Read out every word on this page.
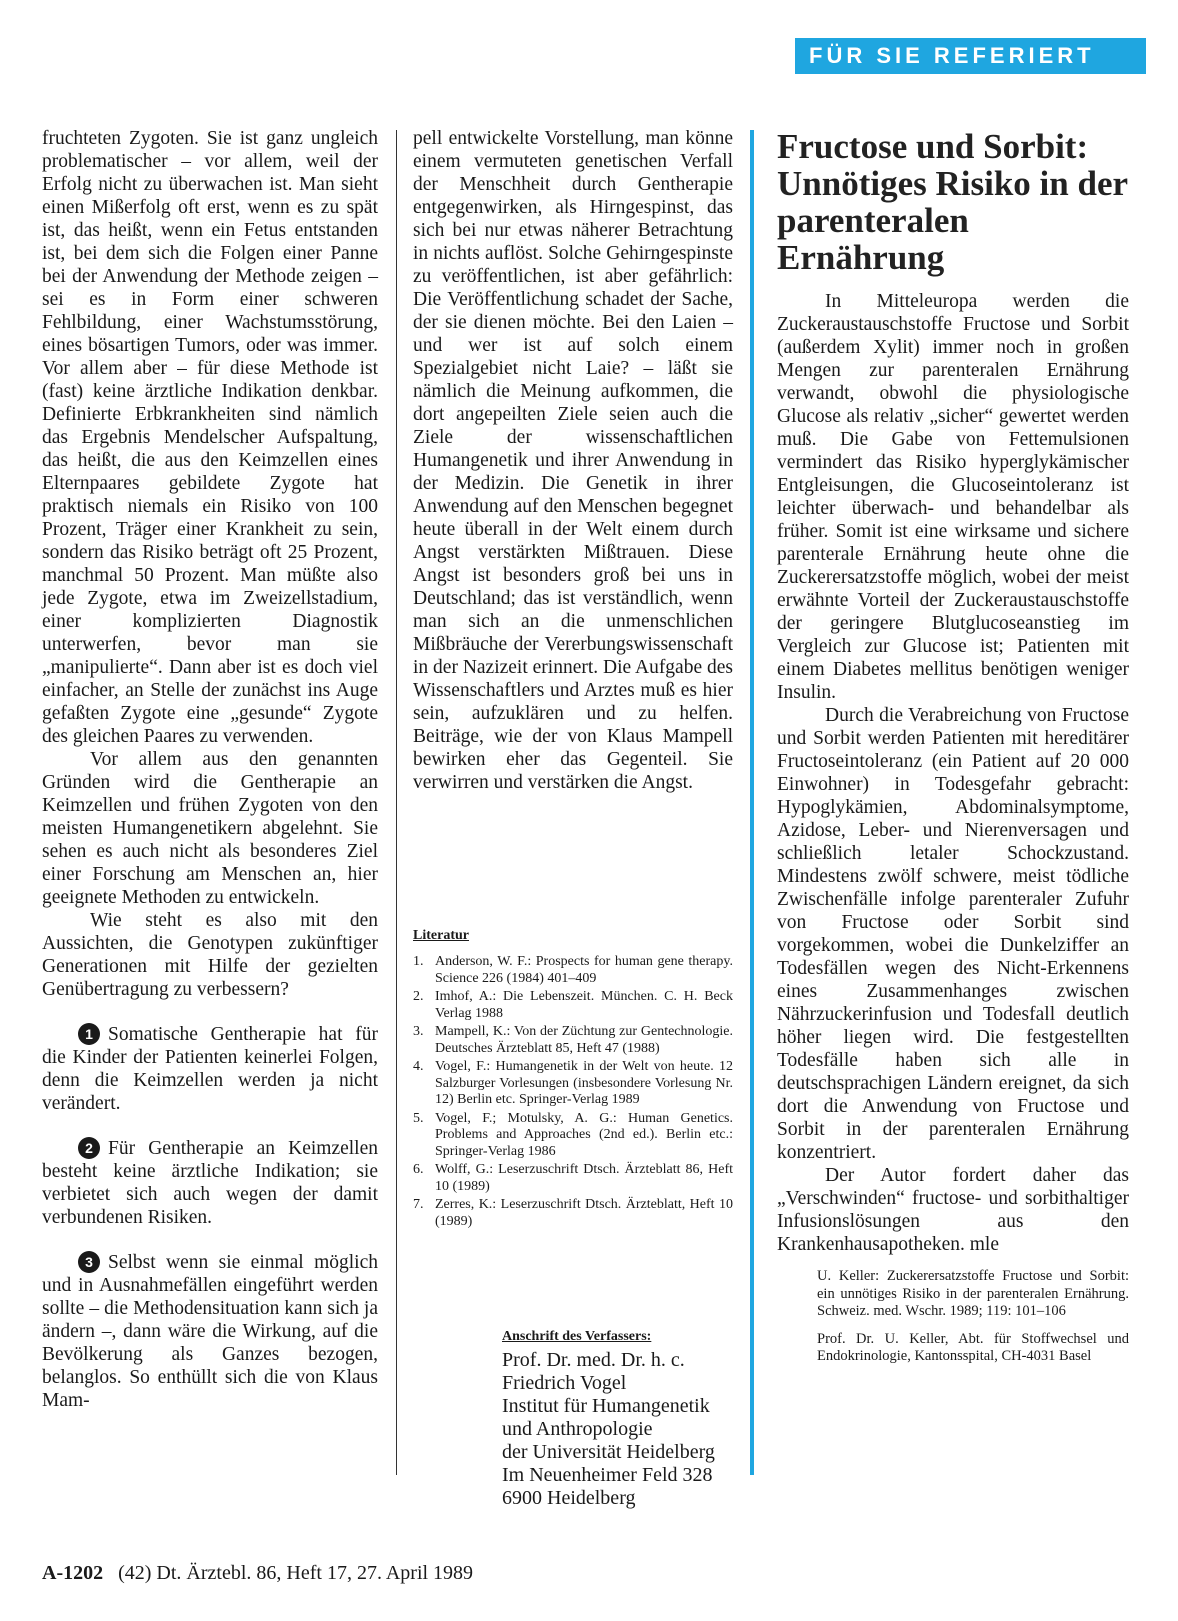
FÜR SIE REFERIERT

fruchteten Zygoten. Sie ist ganz ungleich problematischer – vor allem, weil der Erfolg nicht zu überwachen ist. Man sieht einen Mißerfolg oft erst, wenn es zu spät ist, das heißt, wenn ein Fetus entstanden ist, bei dem sich die Folgen einer Panne bei der Anwendung der Methode zeigen – sei es in Form einer schweren Fehlbildung, einer Wachstumsstörung, eines bösartigen Tumors, oder was immer. Vor allem aber – für diese Methode ist (fast) keine ärztliche Indikation denkbar. Definierte Erbkrankheiten sind nämlich das Ergebnis Mendelscher Aufspaltung, das heißt, die aus den Keimzellen eines Elternpaares gebildete Zygote hat praktisch niemals ein Risiko von 100 Prozent, Träger einer Krankheit zu sein, sondern das Risiko beträgt oft 25 Prozent, manchmal 50 Prozent. Man müßte also jede Zygote, etwa im Zweizellstadium, einer komplizierten Diagnostik unterwerfen, bevor man sie „manipulierte“. Dann aber ist es doch viel einfacher, an Stelle der zunächst ins Auge gefaßten Zygote eine „gesunde“ Zygote des gleichen Paares zu verwenden.

Vor allem aus den genannten Gründen wird die Gentherapie an Keimzellen und frühen Zygoten von den meisten Humangenetikern abgelehnt. Sie sehen es auch nicht als besonderes Ziel einer Forschung am Menschen an, hier geeignete Methoden zu entwickeln.

Wie steht es also mit den Aussichten, die Genotypen zukünftiger Generationen mit Hilfe der gezielten Genübertragung zu verbessern?

1 Somatische Gentherapie hat für die Kinder der Patienten keinerlei Folgen, denn die Keimzellen werden ja nicht verändert.

2 Für Gentherapie an Keimzellen besteht keine ärztliche Indikation; sie verbietet sich auch wegen der damit verbundenen Risiken.

3 Selbst wenn sie einmal möglich und in Ausnahmefällen eingeführt werden sollte – die Methodensituation kann sich ja ändern –, dann wäre die Wirkung, auf die Bevölkerung als Ganzes bezogen, belanglos. So enthüllt sich die von Klaus Mam-

pell entwickelte Vorstellung, man könne einem vermuteten genetischen Verfall der Menschheit durch Gentherapie entgegenwirken, als Hirngespinst, das sich bei nur etwas näherer Betrachtung in nichts auflöst. Solche Gehirngespinste zu veröffentlichen, ist aber gefährlich: Die Veröffentlichung schadet der Sache, der sie dienen möchte. Bei den Laien – und wer ist auf solch einem Spezialgebiet nicht Laie? – läßt sie nämlich die Meinung aufkommen, die dort angepeilten Ziele seien auch die Ziele der wissenschaftlichen Humangenetik und ihrer Anwendung in der Medizin. Die Genetik in ihrer Anwendung auf den Menschen begegnet heute überall in der Welt einem durch Angst verstärkten Mißtrauen. Diese Angst ist besonders groß bei uns in Deutschland; das ist verständlich, wenn man sich an die unmenschlichen Mißbräuche der Vererbungswissenschaft in der Nazizeit erinnert. Die Aufgabe des Wissenschaftlers und Arztes muß es hier sein, aufzuklären und zu helfen. Beiträge, wie der von Klaus Mampell bewirken eher das Gegenteil. Sie verwirren und verstärken die Angst.

Literatur

1. Anderson, W. F.: Prospects for human gene therapy. Science 226 (1984) 401–409
2. Imhof, A.: Die Lebenszeit. München. C. H. Beck Verlag 1988
3. Mampell, K.: Von der Züchtung zur Gentechnologie. Deutsches Ärzteblatt 85, Heft 47 (1988)
4. Vogel, F.: Humangenetik in der Welt von heute. 12 Salzburger Vorlesungen (insbesondere Vorlesung Nr. 12) Berlin etc. Springer-Verlag 1989
5. Vogel, F.; Motulsky, A. G.: Human Genetics. Problems and Approaches (2nd ed.). Berlin etc.: Springer-Verlag 1986
6. Wolff, G.: Leserzuschrift Dtsch. Ärzteblatt 86, Heft 10 (1989)
7. Zerres, K.: Leserzuschrift Dtsch. Ärzteblatt, Heft 10 (1989)

Anschrift des Verfassers:

Prof. Dr. med. Dr. h. c.

Friedrich Vogel

Institut für Humangenetik

und Anthropologie

der Universität Heidelberg

Im Neuenheimer Feld 328

6900 Heidelberg

Fructose und Sorbit: Unnötiges Risiko in der parenteralen Ernährung

In Mitteleuropa werden die Zuckeraustauschstoffe Fructose und Sorbit (außerdem Xylit) immer noch in großen Mengen zur parenteralen Ernährung verwandt, obwohl die physiologische Glucose als relativ „sicher“ gewertet werden muß. Die Gabe von Fettemulsionen vermindert das Risiko hyperglykämischer Entgleisungen, die Glucoseintoleranz ist leichter überwach- und behandelbar als früher. Somit ist eine wirksame und sichere parenterale Ernährung heute ohne die Zuckerersatzstoffe möglich, wobei der meist erwähnte Vorteil der Zuckeraustauschstoffe der geringere Blutglucoseanstieg im Vergleich zur Glucose ist; Patienten mit einem Diabetes mellitus benötigen weniger Insulin.

Durch die Verabreichung von Fructose und Sorbit werden Patienten mit hereditärer Fructoseintoleranz (ein Patient auf 20 000 Einwohner) in Todesgefahr gebracht: Hypoglykämien, Abdominalsymptome, Azidose, Leber- und Nierenversagen und schließlich letaler Schockzustand. Mindestens zwölf schwere, meist tödliche Zwischenfälle infolge parenteraler Zufuhr von Fructose oder Sorbit sind vorgekommen, wobei die Dunkelziffer an Todesfällen wegen des Nicht-Erkennens eines Zusammenhanges zwischen Nährzuckerinfusion und Todesfall deutlich höher liegen wird. Die festgestellten Todesfälle haben sich alle in deutschsprachigen Ländern ereignet, da sich dort die Anwendung von Fructose und Sorbit in der parenteralen Ernährung konzentriert.

Der Autor fordert daher das „Verschwinden“ fructose- und sorbithaltiger Infusionslösungen aus den Krankenhausapotheken. mle

U. Keller: Zuckerersatzstoffe Fructose und Sorbit: ein unnötiges Risiko in der parenteralen Ernährung. Schweiz. med. Wschr. 1989; 119: 101–106

Prof. Dr. U. Keller, Abt. für Stoffwechsel und Endokrinologie, Kantonsspital, CH-4031 Basel

A-1202 (42) Dt. Ärztebl. 86, Heft 17, 27. April 1989
